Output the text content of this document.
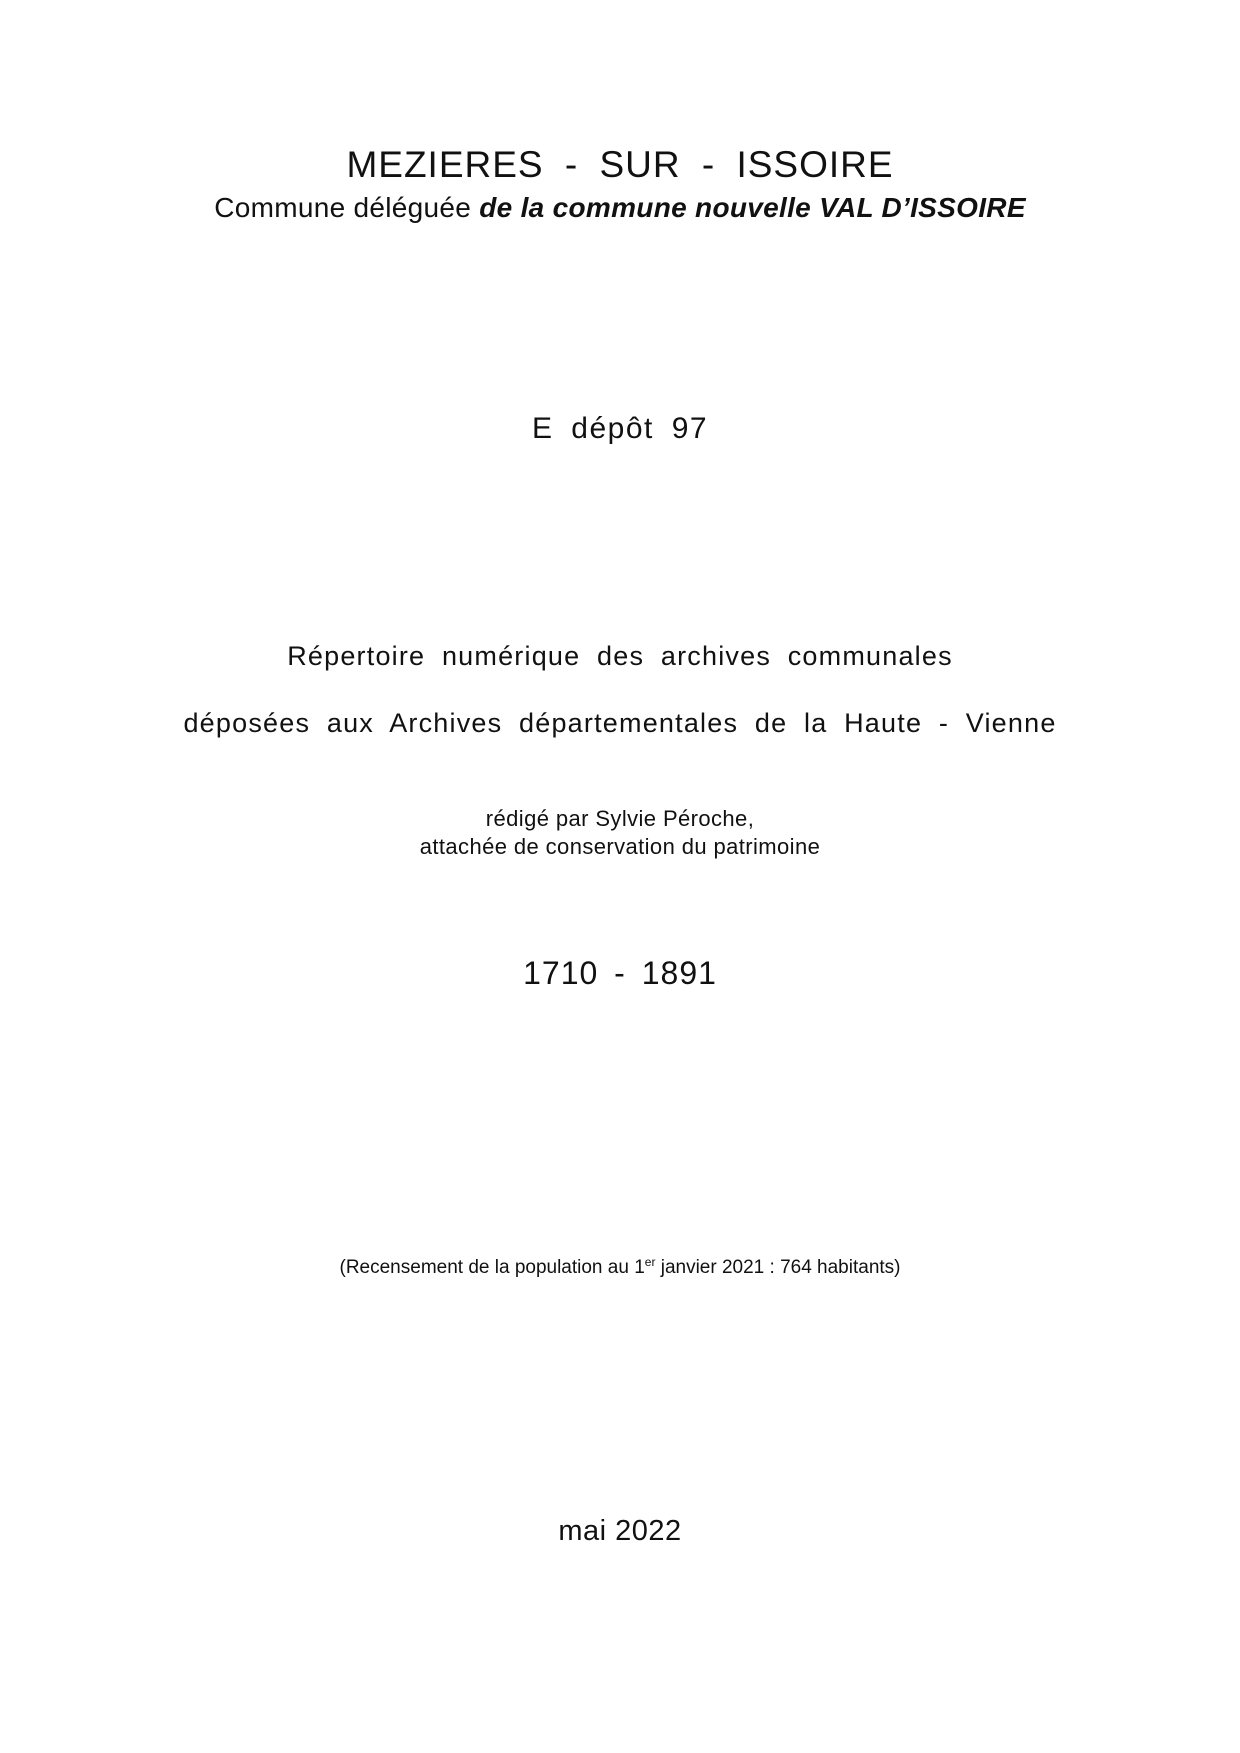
MEZIERES - SUR - ISSOIRE
Commune déléguée de la commune nouvelle VAL D’ISSOIRE
E dépôt 97
Répertoire numérique des archives communales
déposées aux Archives départementales de la Haute - Vienne
rédigé par Sylvie Péroche,
attachée de conservation du patrimoine
1710 - 1891
(Recensement de la population au 1er janvier 2021 : 764 habitants)
mai 2022
